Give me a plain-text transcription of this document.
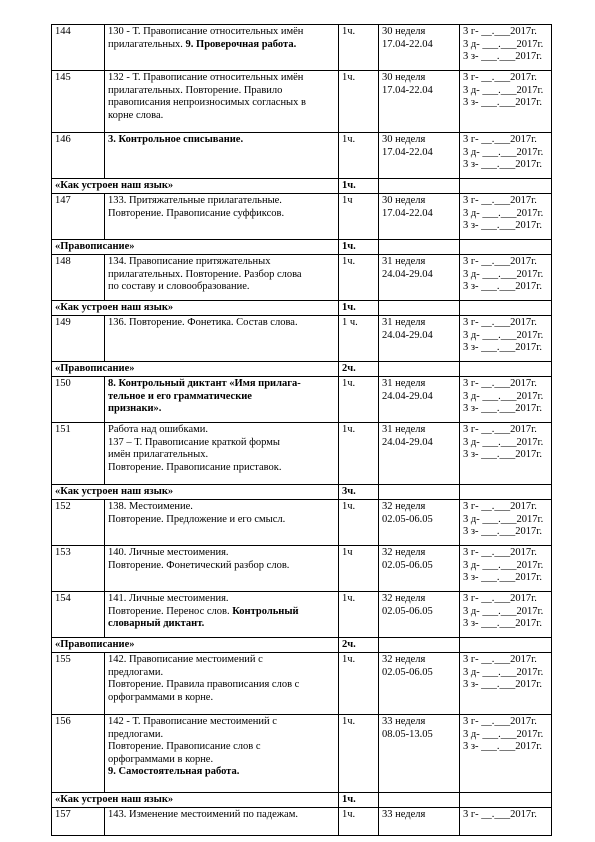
144	130 - Т. Правописание относительных имён
прилагательных. 9. Проверочная работа.	1ч.	30 неделя
17.04-22.04	3 г- __.___2017г.
3 д- ___.___2017г.
3 з- ___.___2017г.

145	132 - Т. Правописание относительных имён
прилагательных. Повторение. Правило
правописания непроизносимых согласных в
корне слова.	1ч.	30 неделя
17.04-22.04	3 г- __.___2017г.
3 д- ___.___2017г.
3 з- ___.___2017г.

146	3. Контрольное списывание.	1ч.	30 неделя
17.04-22.04	3 г- __.___2017г.
3 д- ___.___2017г.
3 з- ___.___2017г.

«Как устроен наш язык»		1ч.		
147	133. Притяжательные прилагательные.
Повторение. Правописание суффиксов.	1ч	30 неделя
17.04-22.04	3 г- __.___2017г.
3 д- ___.___2017г.
3 з- ___.___2017г.

«Правописание»		1ч.		
148	134. Правописание притяжательных
прилагательных. Повторение. Разбор слова
по составу и словообразование.	1ч.	31 неделя
24.04-29.04	3 г- __.___2017г.
3 д- ___.___2017г.
3 з- ___.___2017г.

«Как устроен наш язык»		1ч.		
149	136. Повторение. Фонетика. Состав слова.	1 ч.	31 неделя
24.04-29.04	3 г- __.___2017г.
3 д- ___.___2017г.
3 з- ___.___2017г.

«Правописание»		2ч.		
150	8. Контрольный диктант «Имя прилага-
тельное и его грамматические
признаки».	1ч.	31 неделя
24.04-29.04	3 г- __.___2017г.
3 д- ___.___2017г.
3 з- ___.___2017г.

151	Работа над ошибками.
137 – Т. Правописание краткой формы
имён прилагательных.
Повторение. Правописание приставок.	1ч.	31 неделя
24.04-29.04	3 г- __.___2017г.
3 д- ___.___2017г.
3 з- ___.___2017г.

«Как устроен наш язык»		3ч.		
152	138. Местоимение.
Повторение. Предложение и его смысл.	1ч.	32 неделя
02.05-06.05	3 г- __.___2017г.
3 д- ___.___2017г.
3 з- ___.___2017г.

153	140. Личные местоимения.
Повторение. Фонетический разбор слов.	1ч	32 неделя
02.05-06.05	3 г- __.___2017г.
3 д- ___.___2017г.
3 з- ___.___2017г.

154	141. Личные местоимения.
Повторение. Перенос слов. Контрольный
словарный диктант.	1ч.	32 неделя
02.05-06.05	3 г- __.___2017г.
3 д- ___.___2017г.
3 з- ___.___2017г.

«Правописание»		2ч.		
155	142. Правописание местоимений с
предлогами.
Повторение. Правила правописания слов с
орфограммами в корне.	1ч.	32 неделя
02.05-06.05	3 г- __.___2017г.
3 д- ___.___2017г.
3 з- ___.___2017г.

156	142 - Т. Правописание местоимений с
предлогами.
Повторение. Правописание слов с
орфограммами в корне.
9. Самостоятельная работа.	1ч.	33 неделя
08.05-13.05	3 г- __.___2017г.
3 д- ___.___2017г.
3 з- ___.___2017г.

«Как устроен наш язык»		1ч.		
157	143. Изменение местоимений по падежам.	1ч.	33 неделя	3 г- __.___2017г.
